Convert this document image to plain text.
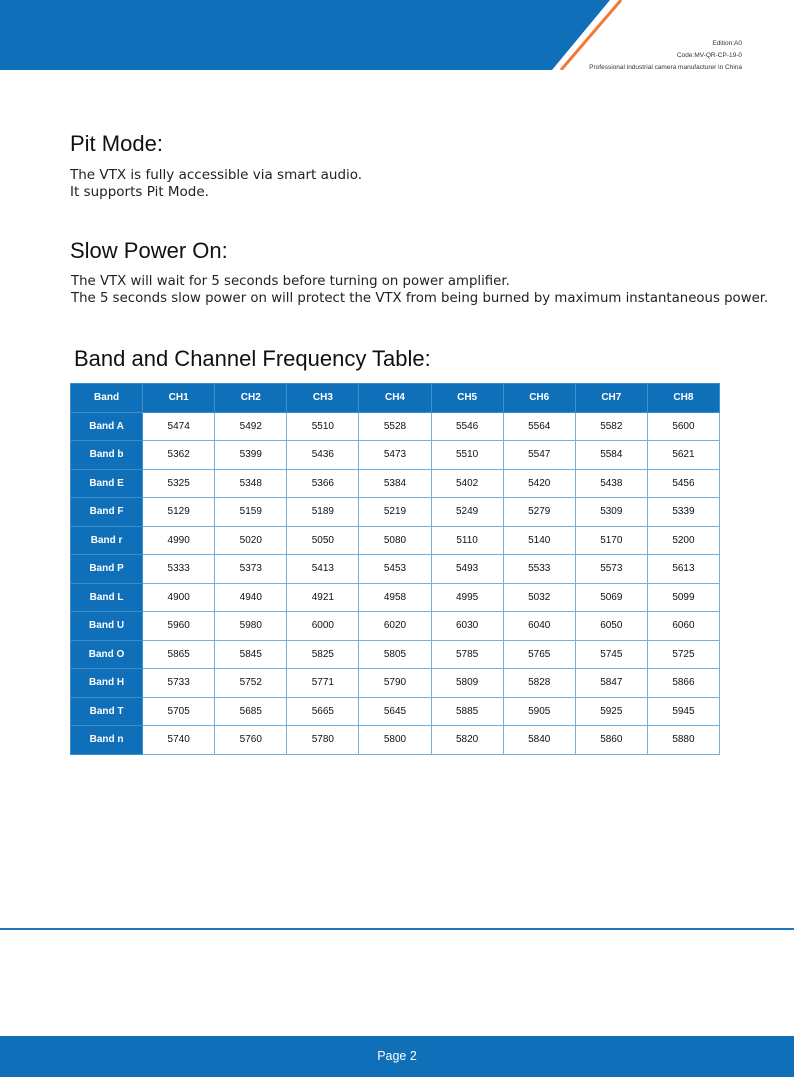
Edition:A0
Code:MV-QR-CP-19-0
Professional industrial camera manufacturer in China
Pit Mode:
The VTX is fully accessible via smart audio.
It supports Pit Mode.
Slow Power On:
The VTX will wait for 5 seconds before turning on power amplifier.
The 5 seconds slow power on will protect the VTX from being burned by maximum instantaneous power.
Band and Channel Frequency Table:
Band	CH1	CH2	CH3	CH4	CH5	CH6	CH7	CH8
Band A	5474	5492	5510	5528	5546	5564	5582	5600
Band b	5362	5399	5436	5473	5510	5547	5584	5621
Band E	5325	5348	5366	5384	5402	5420	5438	5456
Band F	5129	5159	5189	5219	5249	5279	5309	5339
Band r	4990	5020	5050	5080	5110	5140	5170	5200
Band P	5333	5373	5413	5453	5493	5533	5573	5613
Band L	4900	4940	4921	4958	4995	5032	5069	5099
Band U	5960	5980	6000	6020	6030	6040	6050	6060
Band O	5865	5845	5825	5805	5785	5765	5745	5725
Band H	5733	5752	5771	5790	5809	5828	5847	5866
Band T	5705	5685	5665	5645	5885	5905	5925	5945
Band n	5740	5760	5780	5800	5820	5840	5860	5880
Page 2
